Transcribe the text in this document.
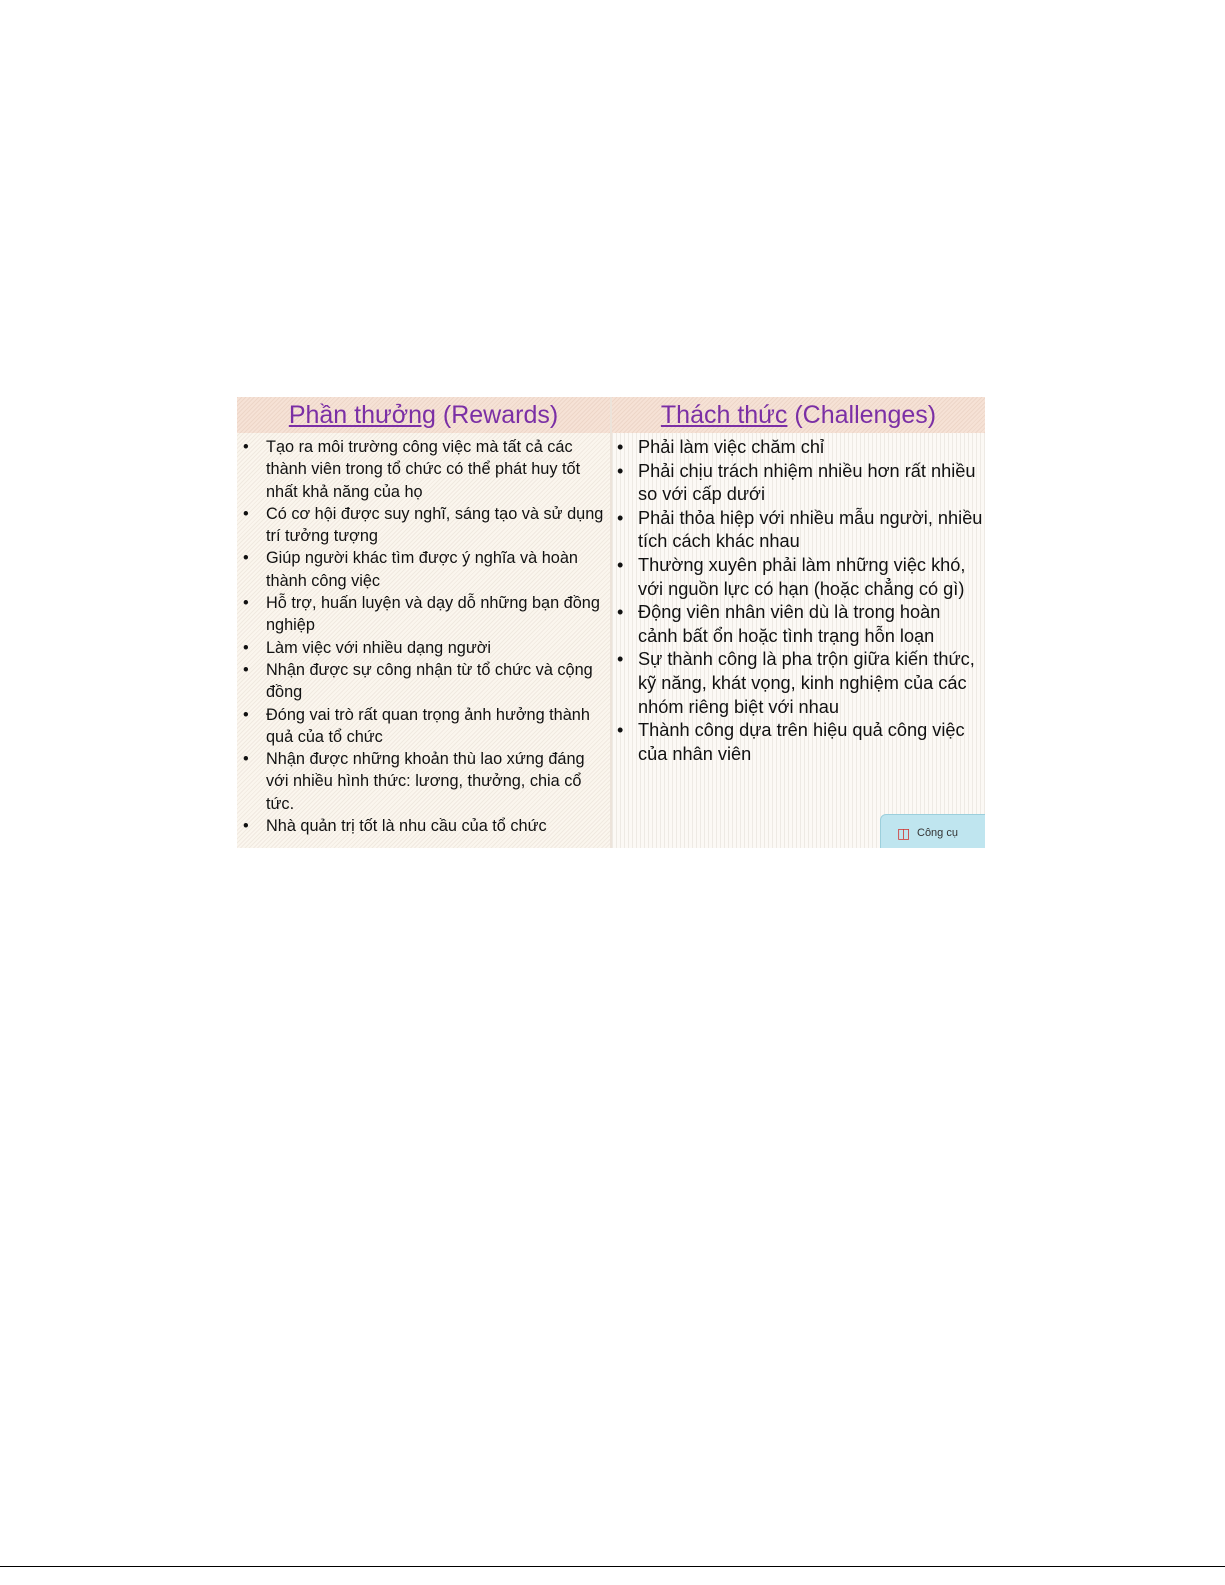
Phần thưởng (Rewards)
• Tạo ra môi trường công việc mà tất cả các thành viên trong tổ chức có thể phát huy tốt nhất khả năng của họ
• Có cơ hội được suy nghĩ, sáng tạo và sử dụng trí tưởng tượng
• Giúp người khác tìm được ý nghĩa và hoàn thành công việc
• Hỗ trợ, huấn luyện và dạy dỗ những bạn đồng nghiệp
• Làm việc với nhiều dạng người
• Nhận được sự công nhận từ tổ chức và cộng đồng
• Đóng vai trò rất quan trọng ảnh hưởng thành quả của tổ chức
• Nhận được những khoản thù lao xứng đáng với nhiều hình thức: lương, thưởng, chia cổ tức.
• Nhà quản trị tốt là nhu cầu của tổ chức
Thách thức (Challenges)
• Phải làm việc chăm chỉ
• Phải chịu trách nhiệm nhiều hơn rất nhiều so với cấp dưới
• Phải thỏa hiệp với nhiều mẫu người, nhiều tích cách khác nhau
• Thường xuyên phải làm những việc khó, với nguồn lực có hạn (hoặc chẳng có gì)
• Động viên nhân viên dù là trong hoàn cảnh bất ổn hoặc tình trạng hỗn loạn
• Sự thành công là pha trộn giữa kiến thức, kỹ năng, khát vọng, kinh nghiệm của các nhóm riêng biệt với nhau
• Thành công dựa trên hiệu quả công việc của nhân viên
◫ Công cụ
